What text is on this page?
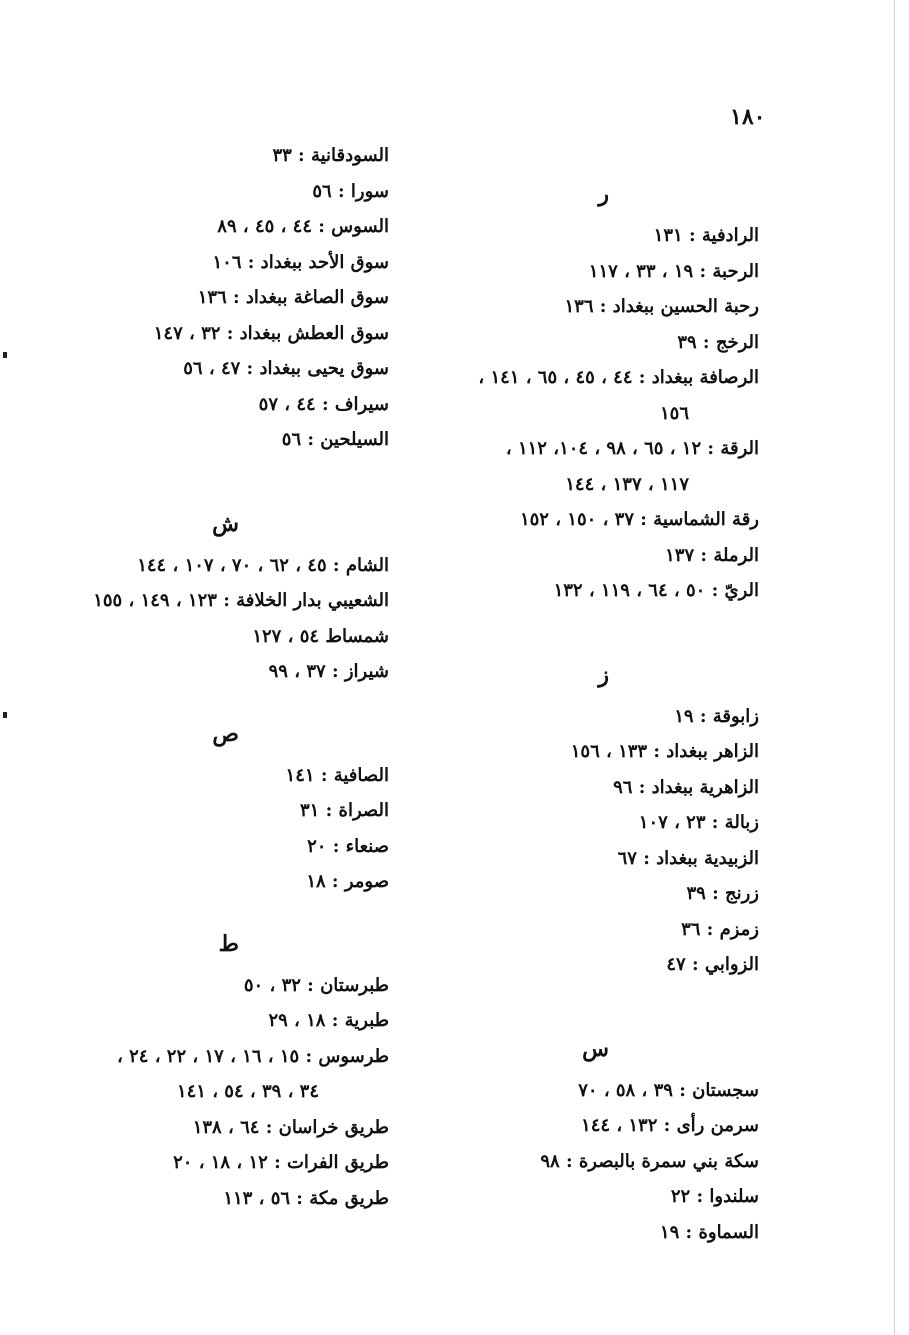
١٨٠
ر
الرادفية : ١٣١
الرحبة : ١٩ ، ٣٣ ، ١١٧
رحبة الحسين ببغداد : ١٣٦
الرخج : ٣٩
الرصافة ببغداد : ٤٤ ، ٤٥ ، ٦٥ ، ١٤١ ،
١٥٦
الرقة : ١٢ ، ٦٥ ، ٩٨ ، ١٠٤، ١١٢ ،
١١٧ ، ١٣٧ ، ١٤٤
رقة الشماسية : ٣٧ ، ١٥٠ ، ١٥٢
الرملة : ١٣٧
الريّ : ٥٠ ، ٦٤ ، ١١٩ ، ١٣٢
ز
زابوقة : ١٩
الزاهر ببغداد : ١٣٣ ، ١٥٦
الزاهرية ببغداد : ٩٦
زبالة : ٢٣ ، ١٠٧
الزبيدية ببغداد : ٦٧
زرنج : ٣٩
زمزم : ٣٦
الزوابي : ٤٧
س
سجستان : ٣٩ ، ٥٨ ، ٧٠
سرمن رأى : ١٣٢ ، ١٤٤
سكة بني سمرة بالبصرة : ٩٨
سلندوا : ٢٢
السماوة : ١٩
السودقانية : ٣٣
سورا : ٥٦
السوس : ٤٤ ، ٤٥ ، ٨٩
سوق الأحد ببغداد : ١٠٦
سوق الصاغة ببغداد : ١٣٦
سوق العطش ببغداد : ٣٢ ، ١٤٧
سوق يحيى ببغداد : ٤٧ ، ٥٦
سيراف : ٤٤ ، ٥٧
السيلحين : ٥٦
ش
الشام : ٤٥ ، ٦٢ ، ٧٠ ، ١٠٧ ، ١٤٤
الشعيبي بدار الخلافة : ١٢٣ ، ١٤٩ ، ١٥٥
شمساط ٥٤ ، ١٢٧
شيراز : ٣٧ ، ٩٩
ص
الصافية : ١٤١
الصراة : ٣١
صنعاء : ٢٠
صومر : ١٨
ط
طبرستان : ٣٢ ، ٥٠
طبرية : ١٨ ، ٢٩
طرسوس : ١٥ ، ١٦ ، ١٧ ، ٢٢ ، ٢٤ ،
٣٤ ، ٣٩ ، ٥٤ ، ١٤١
طريق خراسان : ٦٤ ، ١٣٨
طريق الفرات : ١٢ ، ١٨ ، ٢٠
طريق مكة : ٥٦ ، ١١٣
